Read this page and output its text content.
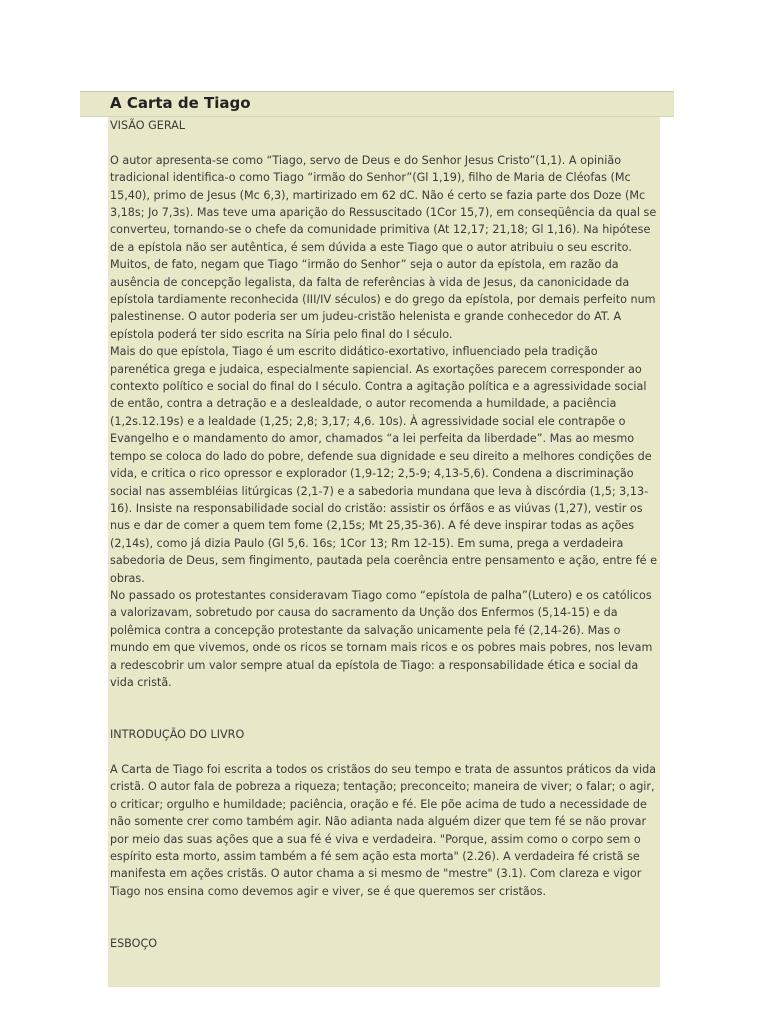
A Carta de Tiago
VISÃO GERAL

O autor apresenta-se como “Tiago, servo de Deus e do Senhor Jesus Cristo”(1,1). A opinião tradicional identifica-o como Tiago “irmão do Senhor”(Gl 1,19), filho de Maria de Cléofas (Mc 15,40), primo de Jesus (Mc 6,3), martirizado em 62 dC. Não é certo se fazia parte dos Doze (Mc 3,18s; Jo 7,3s). Mas teve uma aparição do Ressuscitado (1Cor 15,7), em conseqüência da qual se converteu, tornando-se o chefe da comunidade primitiva (At 12,17; 21,18; Gl 1,16). Na hipótese de a epístola não ser autêntica, é sem dúvida a este Tiago que o autor atribuiu o seu escrito. Muitos, de fato, negam que Tiago “irmão do Senhor” seja o autor da epístola, em razão da ausência de concepção legalista, da falta de referências à vida de Jesus, da canonicidade da epístola tardiamente reconhecida (III/IV séculos) e do grego da epístola, por demais perfeito num palestinense. O autor poderia ser um judeu-cristão helenista e grande conhecedor do AT. A epístola poderá ter sido escrita na Síria pelo final do I século.

Mais do que epístola, Tiago é um escrito didático-exortativo, influenciado pela tradição parenética grega e judaica, especialmente sapiencial. As exortações parecem corresponder ao contexto político e social do final do I século. Contra a agitação política e a agressividade social de então, contra a detração e a deslealdade, o autor recomenda a humildade, a paciência (1,2s.12.19s) e a lealdade (1,25; 2,8; 3,17; 4,6. 10s). À agressividade social ele contrapõe o Evangelho e o mandamento do amor, chamados “a lei perfeita da liberdade”. Mas ao mesmo tempo se coloca do lado do pobre, defende sua dignidade e seu direito a melhores condições de vida, e critica o rico opressor e explorador (1,9-12; 2,5-9; 4,13-5,6). Condena a discriminação social nas assembléias litúrgicas (2,1-7) e a sabedoria mundana que leva à discórdia (1,5; 3,13-16). Insiste na responsabilidade social do cristão: assistir os órfãos e as viúvas (1,27), vestir os nus e dar de comer a quem tem fome (2,15s; Mt 25,35-36). A fé deve inspirar todas as ações (2,14s), como já dizia Paulo (Gl 5,6. 16s; 1Cor 13; Rm 12-15). Em suma, prega a verdadeira sabedoria de Deus, sem fingimento, pautada pela coerência entre pensamento e ação, entre fé e obras.

No passado os protestantes consideravam Tiago como “epístola de palha”(Lutero) e os católicos a valorizavam, sobretudo por causa do sacramento da Unção dos Enfermos (5,14-15) e da polêmica contra a concepção protestante da salvação unicamente pela fé (2,14-26). Mas o mundo em que vivemos, onde os ricos se tornam mais ricos e os pobres mais pobres, nos levam a redescobrir um valor sempre atual da epístola de Tiago: a responsabilidade ética e social da vida cristã.

INTRODUÇÃO DO LIVRO

A Carta de Tiago foi escrita a todos os cristãos do seu tempo e trata de assuntos práticos da vida cristã. O autor fala de pobreza a riqueza; tentação; preconceito; maneira de viver; o falar; o agir, o criticar; orgulho e humildade; paciência, oração e fé. Ele põe acima de tudo a necessidade de não somente crer como também agir. Não adianta nada alguém dizer que tem fé se não provar por meio das suas ações que a sua fé é viva e verdadeira. "Porque, assim como o corpo sem o espírito esta morto, assim também a fé sem ação esta morta" (2.26). A verdadeira fé cristã se manifesta em ações cristãs. O autor chama a si mesmo de "mestre" (3.1). Com clareza e vigor Tiago nos ensina como devemos agir e viver, se é que queremos ser cristãos.

ESBOÇO
